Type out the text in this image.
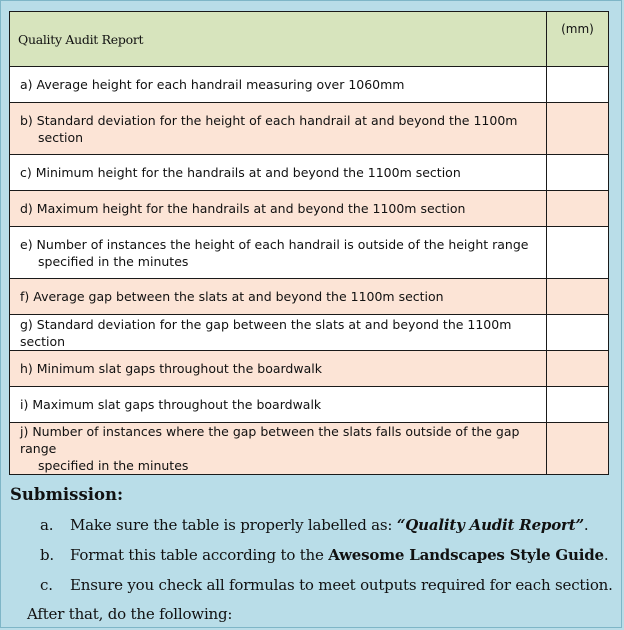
Quality Audit Report	(mm)
a) Average height for each handrail measuring over 1060mm	
b) Standard deviation for the height of each handrail at and beyond the 1100m
section	

c) Minimum height for the handrails at and beyond the 1100m section	
d) Maximum height for the handrails at and beyond the 1100m section	
e) Number of instances the height of each handrail is outside of the height range
specified in the minutes	

f) Average gap between the slats at and beyond the 1100m section	
g) Standard deviation for the gap between the slats at and beyond the 1100m section	
h) Minimum slat gaps throughout the boardwalk	
i) Maximum slat gaps throughout the boardwalk	
j) Number of instances where the gap between the slats falls outside of the gap range
specified in the minutes	

Submission:
a. Make sure the table is properly labelled as: “Quality Audit Report”.
b. Format this table according to the Awesome Landscapes Style Guide.
c. Ensure you check all formulas to meet outputs required for each section.
After that, do the following:
